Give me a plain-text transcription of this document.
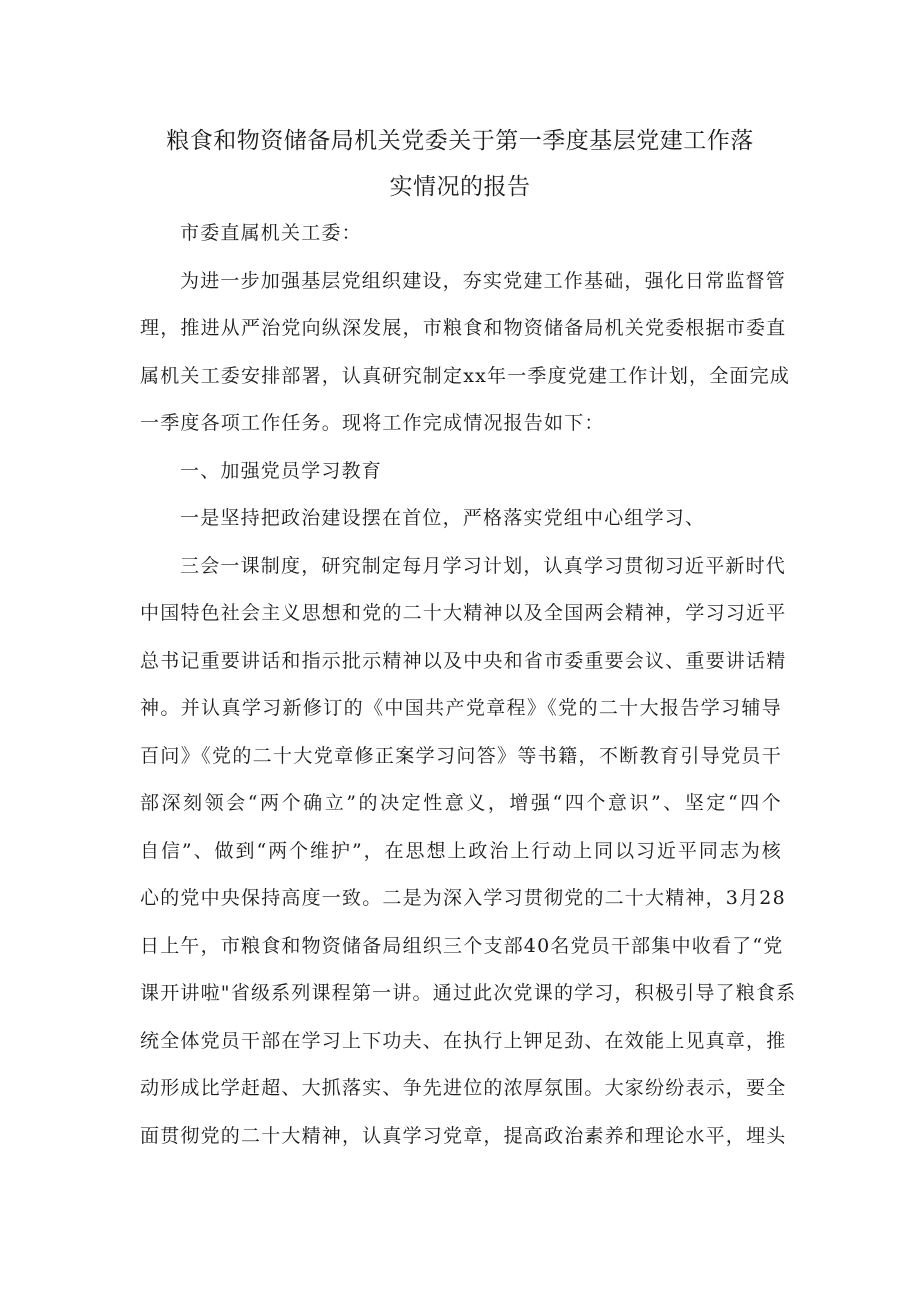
粮食和物资储备局机关党委关于第一季度基层党建工作落
实情况的报告
市委直属机关工委：
为进一步加强基层党组织建设，夯实党建工作基础，强化日常监督管
理，推进从严治党向纵深发展，市粮食和物资储备局机关党委根据市委直
属机关工委安排部署，认真研究制定xx年一季度党建工作计划，全面完成
一季度各项工作任务。现将工作完成情况报告如下：
一、加强党员学习教育
一是坚持把政治建设摆在首位，严格落实党组中心组学习、
三会一课制度，研究制定每月学习计划，认真学习贯彻习近平新时代
中国特色社会主义思想和党的二十大精神以及全国两会精神，学习习近平
总书记重要讲话和指示批示精神以及中央和省市委重要会议、重要讲话精
神。并认真学习新修订的《中国共产党章程》《党的二十大报告学习辅导
百问》《党的二十大党章修正案学习问答》等书籍，不断教育引导党员干
部深刻领会“两个确立”的决定性意义，增强“四个意识”、坚定“四个
自信”、做到“两个维护”，在思想上政治上行动上同以习近平同志为核
心的党中央保持高度一致。二是为深入学习贯彻党的二十大精神，3月28
日上午，市粮食和物资储备局组织三个支部40名党员干部集中收看了“党
课开讲啦"省级系列课程第一讲。通过此次党课的学习，积极引导了粮食系
统全体党员干部在学习上下功夫、在执行上钾足劲、在效能上见真章，推
动形成比学赶超、大抓落实、争先进位的浓厚氛围。大家纷纷表示，要全
面贯彻党的二十大精神，认真学习党章，提高政治素养和理论水平，埋头
